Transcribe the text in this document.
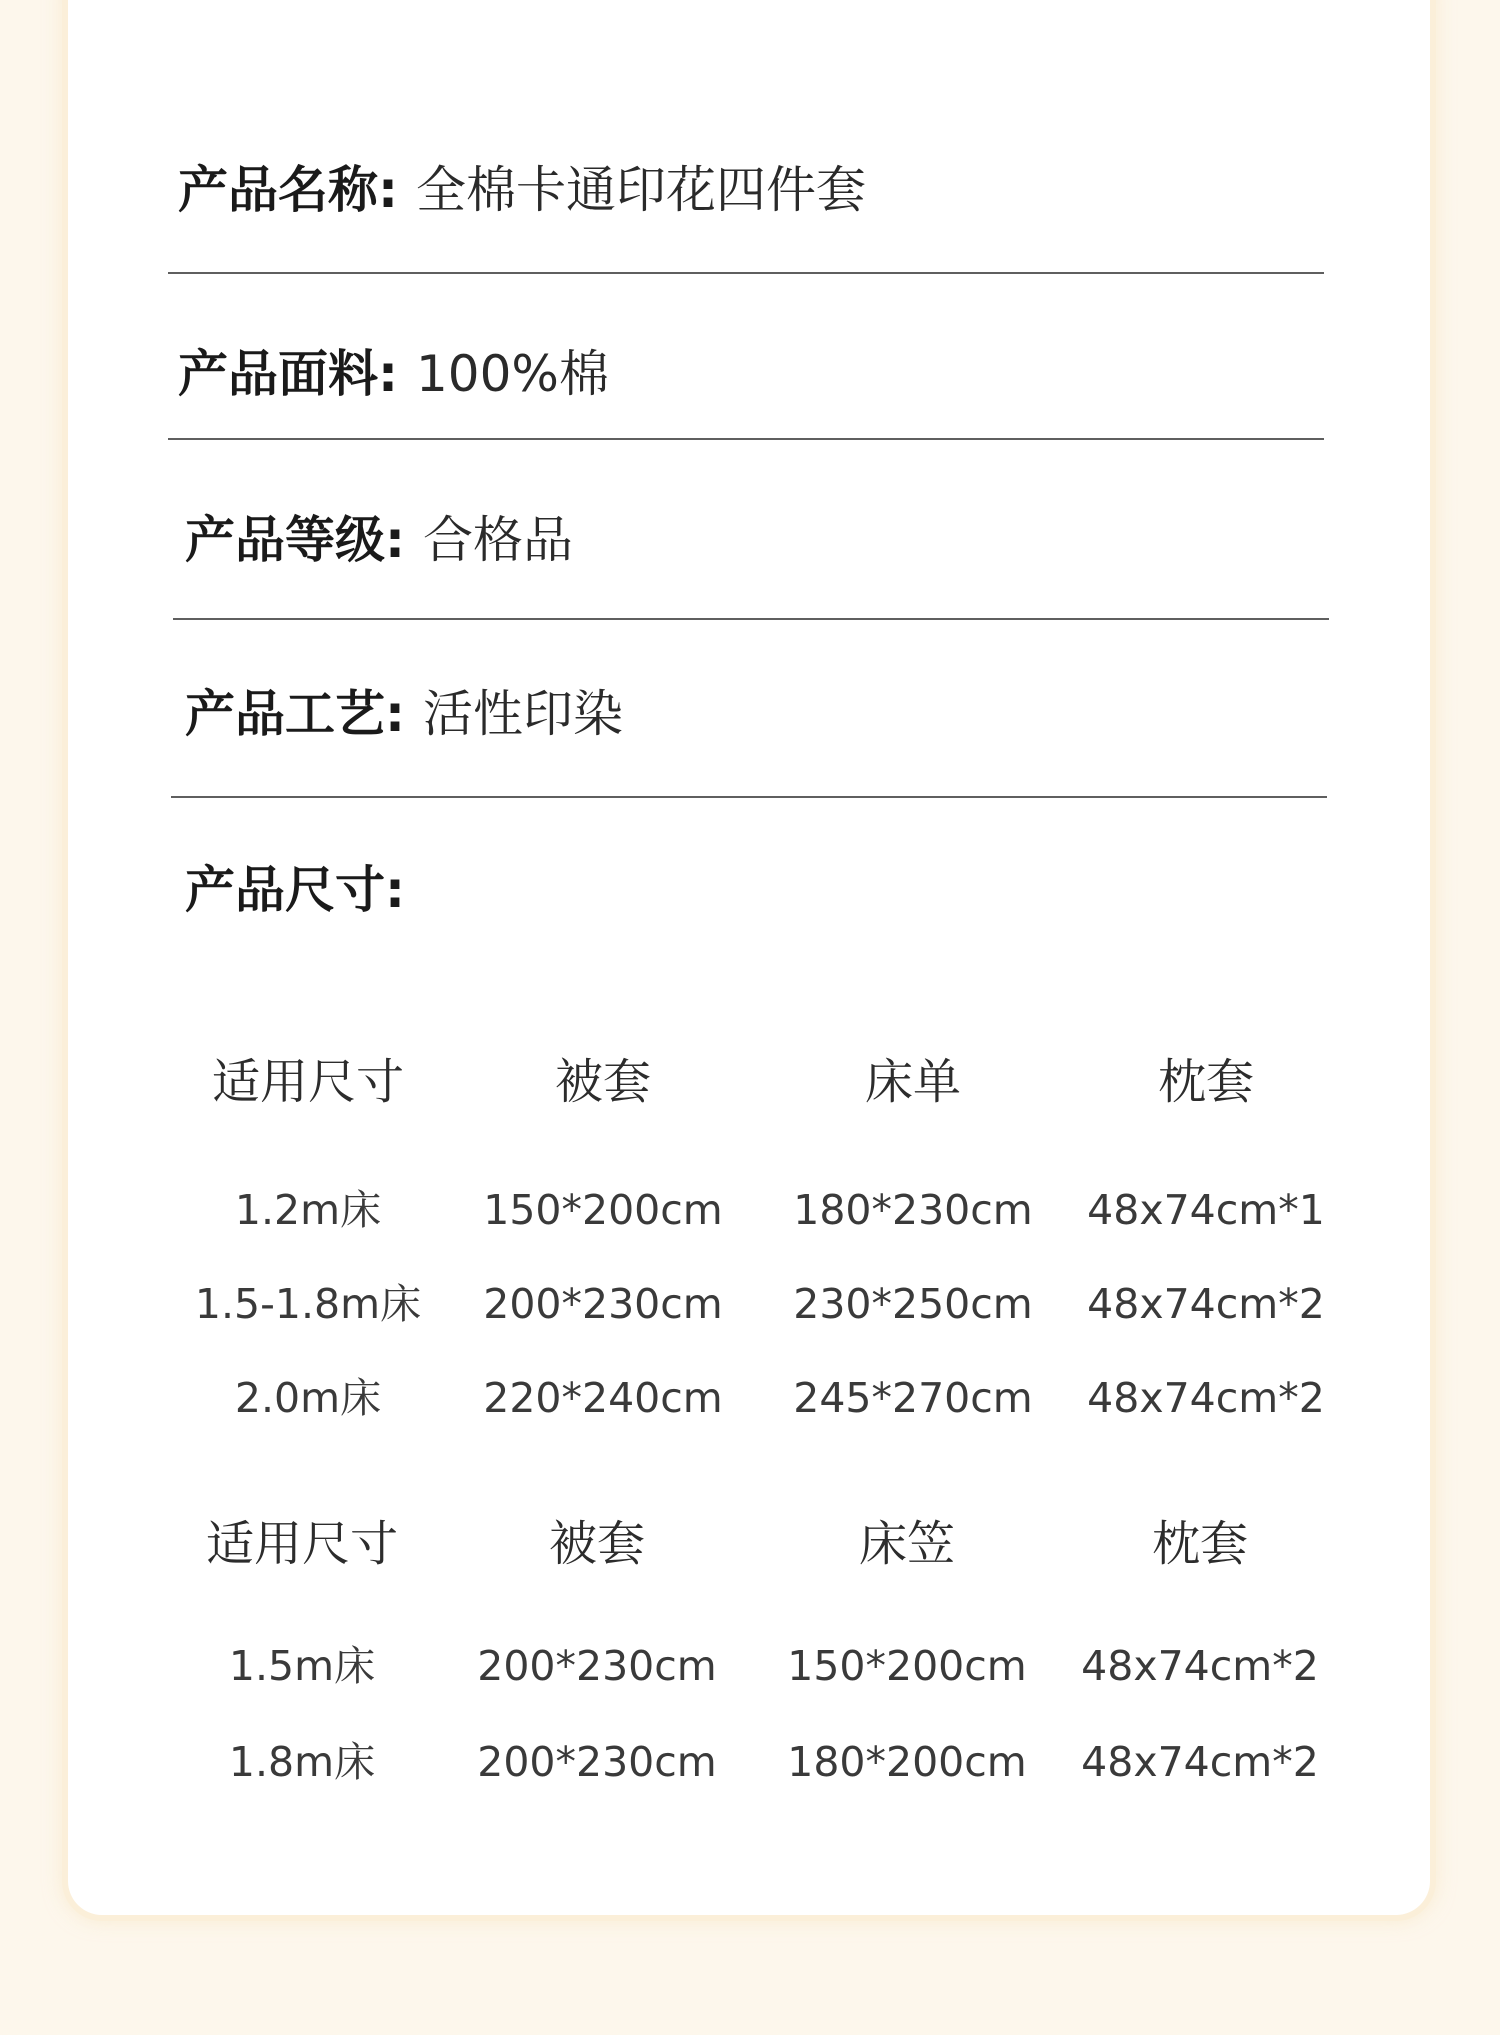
产品名称: 全棉卡通印花四件套
产品面料: 100%棉
产品等级: 合格品
产品工艺: 活性印染
产品尺寸:
适用尺寸	被套	床单	枕套
1.2m床 150*200cm 180*230cm 48x74cm*1
1.5-1.8m床 200*230cm 230*250cm 48x74cm*2
2.0m床 220*240cm 245*270cm 48x74cm*2
适用尺寸	被套	床笠	枕套
1.5m床 200*230cm 150*200cm 48x74cm*2
1.8m床 200*230cm 180*200cm 48x74cm*2
